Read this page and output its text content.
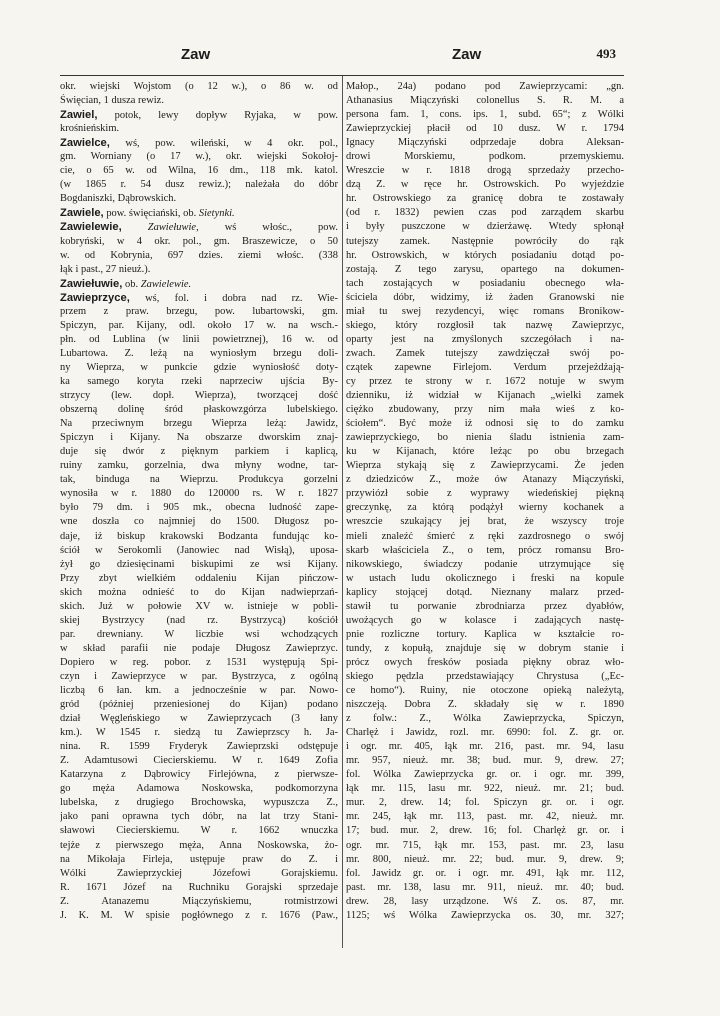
Zaw	Zaw	493
okr. wiejski Wojstom (o 12 w.), o 86 w. od
Święcian, 1 dusza rewiz.
Zawiel, potok, lewy dopływ Ryjaka, w pow.
krośnieńskim.
Zawielce, wś, pow. wileński, w 4 okr. pol.,
gm. Worniany (o 17 w.), okr. wiejski Sokołoj-
cie, o 65 w. od Wilna, 16 dm., 118 mk. katol.
(w 1865 r. 54 dusz rewiz.); należała do dóbr
Bogdaniszki, Dąbrowskich.
Zawiele, pow. święciański, ob. Sietynki.
Zawielewie, Zawiełuwie, wś włośc., pow.
kobryński, w 4 okr. pol., gm. Braszewicze, o 50
w. od Kobrynia, 697 dzies. ziemi włośc. (338
łąk i past., 27 nieuż.).
Zawiełuwie, ob. Zawielewie.
Zawieprzyce, wś, fol. i dobra nad rz. Wie-
przem z praw. brzegu, pow. lubartowski, gm.
Spiczyn, par. Kijany, odl. około 17 w. na wsch.-
płn. od Lublina (w linii powietrznej), 16 w. od
Lubartowa. Z. leżą na wyniosłym brzegu doli-
ny Wieprza, w punkcie gdzie wyniosłość doty-
ka samego koryta rzeki naprzeciw ujścia By-
strzycy (lew. dopł. Wieprza), tworzącej dość
obszerną dolinę śród płaskowzgórza lubelskiego.
Na przeciwnym brzegu Wieprza leżą: Jawidz,
Spiczyn i Kijany. Na obszarze dworskim znaj-
duje się dwór z pięknym parkiem i kaplicą,
ruiny zamku, gorzelnia, dwa młyny wodne, tar-
tak, binduga na Wieprzu. Produkcya gorzelni
wynosiła w r. 1880 do 120000 rs. W r. 1827
było 79 dm. i 905 mk., obecna ludność zape-
wne doszła co najmniej do 1500. Długosz po-
daje, iż biskup krakowski Bodzanta fundując ko-
ściół w Serokomli (Janowiec nad Wisłą), uposa-
żył go dziesięcinami biskupimi ze wsi Kijany.
Przy zbyt wielkiém oddaleniu Kijan pińczow-
skich można odnieść to do Kijan nadwieprzań-
skich. Już w połowie XV w. istnieje w pobli-
skiej Bystrzycy (nad rz. Bystrzycą) kościół
par. drewniany. W liczbie wsi wchodzących
w skład parafii nie podaje Długosz Zawieprzyc.
Dopiero w reg. pobor. z 1531 występują Spi-
czyn i Zawieprzyce w par. Bystrzyca, z ogólną
liczbą 6 łan. km. a jednocześnie w par. Nowo-
gród (później przeniesionej do Kijan) podano
dział Węgleńskiego w Zawieprzycach (3 łany
km.). W 1545 r. siedzą tu Zawieprzscy h. Ja-
nina. R. 1599 Fryderyk Zawieprzski odstępuje
Z. Adamtusowi Ciecierskiemu. W r. 1649 Zofia
Katarzyna z Dąbrowicy Firlejówna, z pierwsze-
go męża Adamowa Noskowska, podkomorzyna
lubelska, z drugiego Brochowska, wypuszcza Z.,
jako pani oprawna tych dóbr, na lat trzy Stani-
sławowi Ciecierskiemu. W r. 1662 wnuczka
tejże z pierwszego męża, Anna Noskowska, żo-
na Mikołaja Firleja, ustępuje praw do Z. i
Wólki Zawieprzyckiej Józefowi Gorajskiemu.
R. 1671 Józef na Ruchniku Gorajski sprzedaje
Z. Atanazemu Miączyńskiemu, rotmistrzowi
J. K. M. W spisie pogłównego z r. 1676 (Paw.,
Małop., 24a) podano pod Zawieprzycami: „gn.
Athanasius Miączyński colonellus S. R. M. a
persona fam. 1, cons. ips. 1, subd. 65“; z Wólki
Zawieprzyckiej płacił od 10 dusz. W r. 1794
Ignacy Miączyński odprzedaje dobra Aleksan-
drowi Morskiemu, podkom. przemyskiemu.
Wreszcie w r. 1818 drogą sprzedaży przecho-
dzą Z. w ręce hr. Ostrowskich. Po wyjeździe
hr. Ostrowskiego za granicę dobra te zostawały
(od r. 1832) pewien czas pod zarządem skarbu
i były puszczone w dzierżawę. Wtedy spłonął
tutejszy zamek. Następnie powróciły do rąk
hr. Ostrowskich, w których posiadaniu dotąd po-
zostają. Z tego zarysu, opartego na dokumen-
tach zostających w posiadaniu obecnego wła-
ściciela dóbr, widzimy, iż żaden Granowski nie
miał tu swej rezydencyi, więc romans Bronikow-
skiego, który rozgłosił tak nazwę Zawieprzyc,
oparty jest na zmyślonych szczegółach i na-
zwach. Zamek tutejszy zawdzięczał swój po-
czątek zapewne Firlejom. Verdum przejeżdżają-
cy przez te strony w r. 1672 notuje w swym
dzienniku, iż widział w Kijanach „wielki zamek
ciężko zbudowany, przy nim mała wieś z ko-
ściołem“. Być może iż odnosi się to do zamku
zawieprzyckiego, bo nienia śladu istnienia zam-
ku w Kijanach, które leżąc po obu brzegach
Wieprza stykają się z Zawieprzycami. Że jeden
z dziedziców Z., może ów Atanazy Miączyński,
przywiózł sobie z wyprawy wiedeńskiej piękną
greczynkę, za którą podążył wierny kochanek a
wreszcie szukający jej brat, że wszyscy troje
mieli znaleźć śmierć z ręki zazdrosnego o swój
skarb właściciela Z., o tem, prócz romansu Bro-
nikowskiego, świadczy podanie utrzymujące się
w ustach ludu okolicznego i freski na kopule
kaplicy stojącej dotąd. Nieznany malarz przed-
stawił tu porwanie zbrodniarza przez dyabłów,
uwożących go w kolasce i zadających nastę-
pnie rozliczne tortury. Kaplica w kształcie ro-
tundy, z kopułą, znajduje się w dobrym stanie i
prócz owych fresków posiada piękny obraz wło-
skiego pędzla przedstawiający Chrystusa („Ec-
ce homo“). Ruiny, nie otoczone opieką należytą,
niszczeją. Dobra Z. składały się w r. 1890
z folw.: Z., Wólka Zawieprzycka, Spiczyn,
Charlęż i Jawidz, rozl. mr. 6990: fol. Z. gr. or.
i ogr. mr. 405, łąk mr. 216, past. mr. 94, lasu
mr. 957, nieuż. mr. 38; bud. mur. 9, drew. 27;
fol. Wólka Zawieprzycka gr. or. i ogr. mr. 399,
łąk mr. 115, lasu mr. 922, nieuż. mr. 21; bud.
mur. 2, drew. 14; fol. Spiczyn gr. or. i ogr.
mr. 245, łąk mr. 113, past. mr. 42, nieuż. mr.
17; bud. mur. 2, drew. 16; fol. Charlęż gr. or. i
ogr. mr. 715, łąk mr. 153, past. mr. 23, lasu
mr. 800, nieuż. mr. 22; bud. mur. 9, drew. 9;
fol. Jawidz gr. or. i ogr. mr. 491, łąk mr. 112,
past. mr. 138, lasu mr. 911, nieuż. mr. 40; bud.
drew. 28, lasy urządzone. Wś Z. os. 87, mr.
1125; wś Wólka Zawieprzycka os. 30, mr. 327;
